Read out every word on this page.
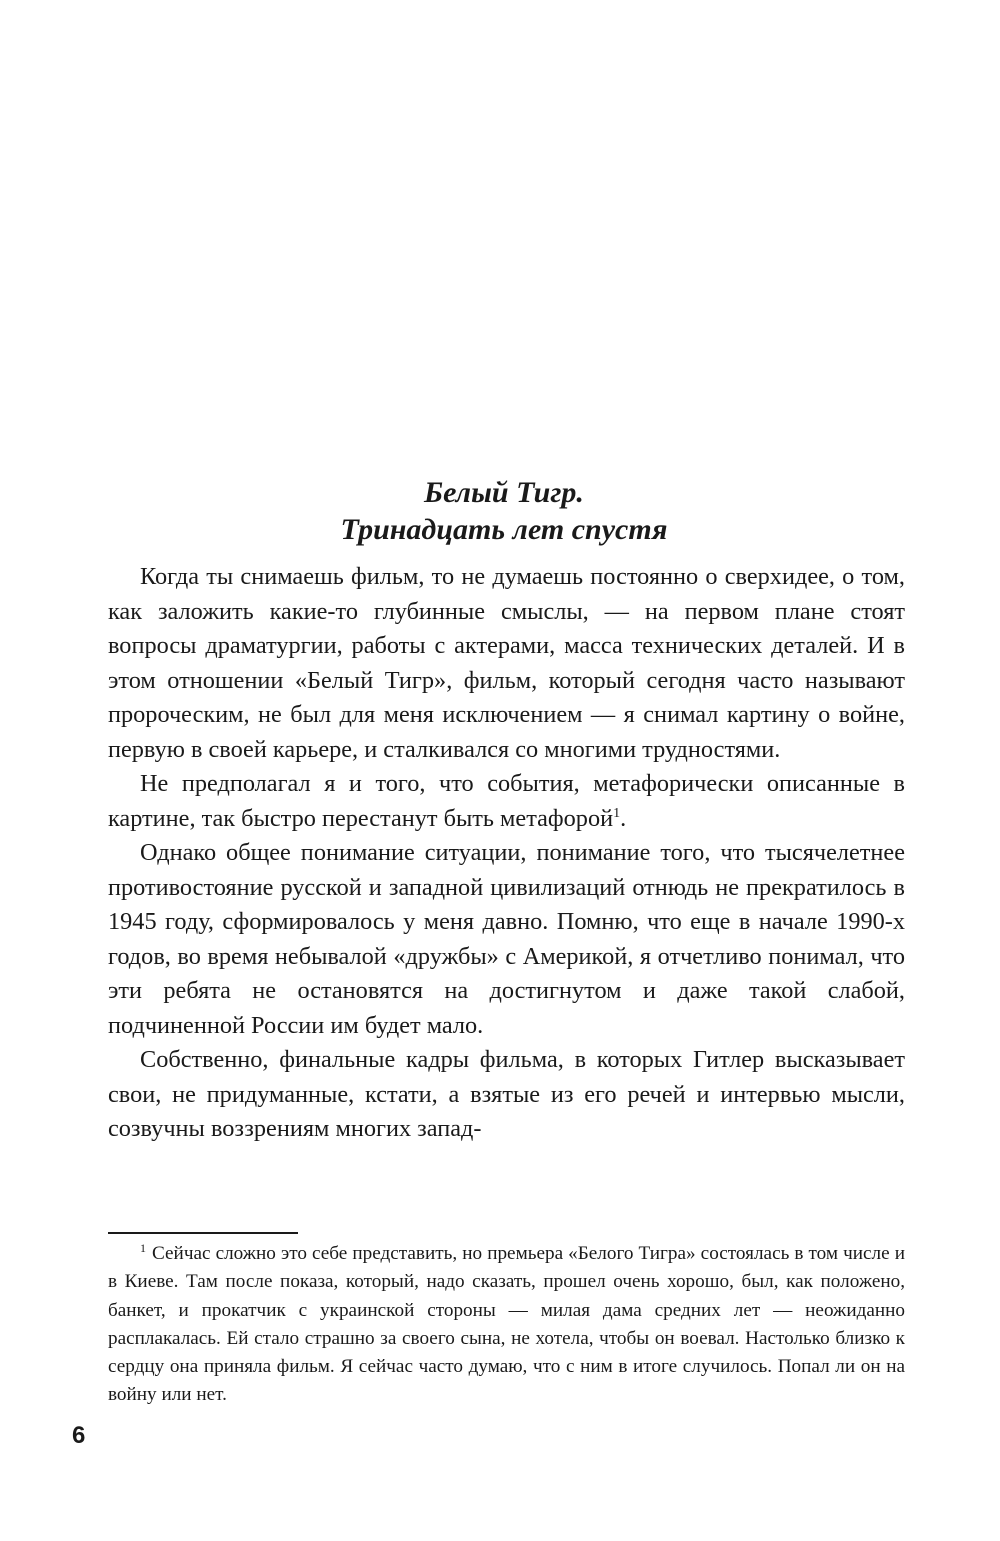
Белый Тигр.
Тринадцать лет спустя

Когда ты снимаешь фильм, то не думаешь постоянно о сверхидее, о том, как заложить какие-то глубинные смыслы, — на первом плане стоят вопросы драматургии, работы с актерами, масса технических деталей. И в этом отношении «Белый Тигр», фильм, который сегодня часто называют пророческим, не был для меня исключением — я снимал картину о войне, первую в своей карьере, и сталкивался со многими трудностями.

Не предполагал я и того, что события, метафорически описанные в картине, так быстро перестанут быть метафорой$^1$.

Однако общее понимание ситуации, понимание того, что тысячелетнее противостояние русской и западной цивилизаций отнюдь не прекратилось в 1945 году, сформировалось у меня давно. Помню, что еще в начале 1990-х годов, во время небывалой «дружбы» с Америкой, я отчетливо понимал, что эти ребята не остановятся на достигнутом и даже такой слабой, подчиненной России им будет мало.

Собственно, финальные кадры фильма, в которых Гитлер высказывает свои, не придуманные, кстати, а взятые из его речей и интервью мысли, созвучны воззрениям многих запад-

$^1$ Сейчас сложно это себе представить, но премьера «Белого Тигра» состоялась в том числе и в Киеве. Там после показа, который, надо сказать, прошел очень хорошо, был, как положено, банкет, и прокатчик с украинской стороны — милая дама средних лет — неожиданно расплакалась. Ей стало страшно за своего сына, не хотела, чтобы он воевал. Настолько близко к сердцу она приняла фильм. Я сейчас часто думаю, что с ним в итоге случилось. Попал ли он на войну или нет.

6
